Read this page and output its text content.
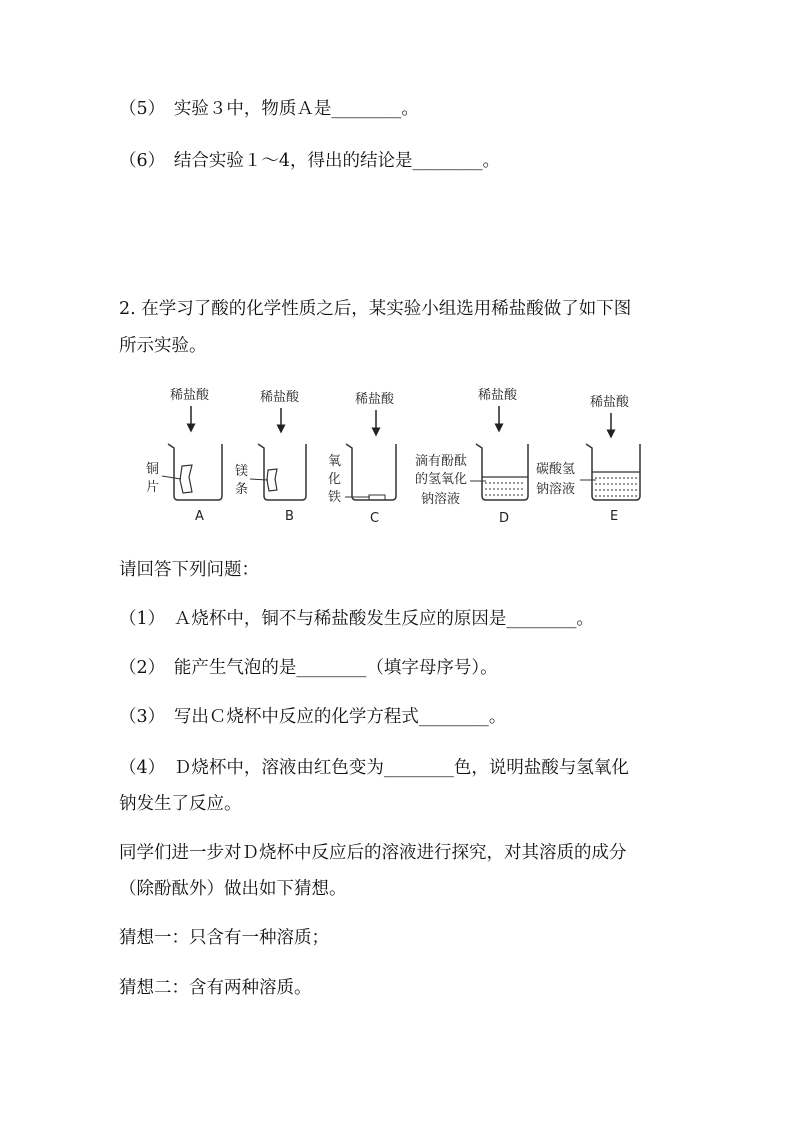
（5）　实验３中，物质Ａ是________。
（6）　结合实验１～4，得出的结论是________。
2. 在学习了酸的化学性质之后，某实验小组选用稀盐酸做了如下图
所示实验。
稀盐酸
铜
片
A
稀盐酸
镁
条
B
稀盐酸
氧
化
铁
C
稀盐酸
滴有酚酞
的氢氧化
钠溶液
D
稀盐酸
碳酸氢
钠溶液
E
请回答下列问题：
（1）　Ａ烧杯中，铜不与稀盐酸发生反应的原因是________。
（2）　能产生气泡的是________（填字母序号）。
（3）　写出Ｃ烧杯中反应的化学方程式________。
（4）　Ｄ烧杯中，溶液由红色变为________色，说明盐酸与氢氧化
钠发生了反应。
同学们进一步对Ｄ烧杯中反应后的溶液进行探究，对其溶质的成分
（除酚酞外）做出如下猜想。
猜想一：只含有一种溶质；
猜想二：含有两种溶质。
